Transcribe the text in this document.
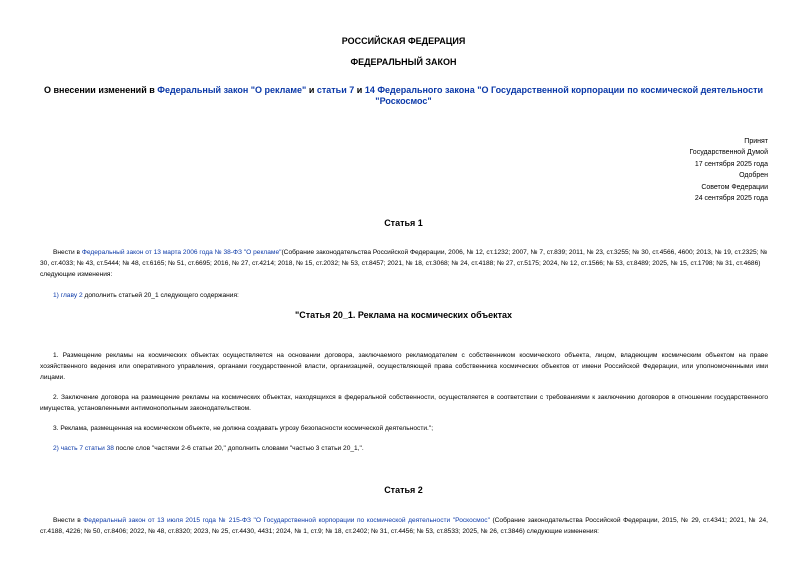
РОССИЙСКАЯ ФЕДЕРАЦИЯ
ФЕДЕРАЛЬНЫЙ ЗАКОН
О внесении изменений в Федеральный закон "О рекламе" и статьи 7 и 14 Федерального закона "О Государственной корпорации по космической деятельности "Роскосмос"
Принят
Государственной Думой
17 сентября 2025 года
Одобрен
Советом Федерации
24 сентября 2025 года
Статья 1
Внести в Федеральный закон от 13 марта 2006 года № 38-ФЗ "О рекламе"(Собрание законодательства Российской Федерации, 2006, № 12, ст.1232; 2007, № 7, ст.839; 2011, № 23, ст.3255; № 30, ст.4566, 4600; 2013, № 19, ст.2325; № 30, ст.4033; № 43, ст.5444; № 48, ст.6165; № 51, ст.6695; 2016, № 27, ст.4214; 2018, № 15, ст.2032; № 53, ст.8457; 2021, № 18, ст.3068; № 24, ст.4188; № 27, ст.5175; 2024, № 12, ст.1566; № 53, ст.8489; 2025, № 15, ст.1798; № 31, ст.4686) следующие изменения:
1) главу 2 дополнить статьей 20_1 следующего содержания:
"Статья 20_1. Реклама на космических объектах
1. Размещение рекламы на космических объектах осуществляется на основании договора, заключаемого рекламодателем с собственником космического объекта, лицом, владеющим космическим объектом на праве хозяйственного ведения или оперативного управления, органами государственной власти, организацией, осуществляющей права собственника космических объектов от имени Российской Федерации, или уполномоченными ими лицами.
2. Заключение договора на размещение рекламы на космических объектах, находящихся в федеральной собственности, осуществляется в соответствии с требованиями к заключению договоров в отношении государственного имущества, установленными антимонопольным законодательством.
3. Реклама, размещенная на космическом объекте, не должна создавать угрозу безопасности космической деятельности.";
2) часть 7 статьи 38 после слов "частями 2-6 статьи 20," дополнить словами "частью 3 статьи 20_1,".
Статья 2
Внести в Федеральный закон от 13 июля 2015 года № 215-ФЗ "О Государственной корпорации по космической деятельности "Роскосмос" (Собрание законодательства Российской Федерации, 2015, № 29, ст.4341; 2021, № 24, ст.4188, 4226; № 50, ст.8406; 2022, № 48, ст.8320; 2023, № 25, ст.4430, 4431; 2024, № 1, ст.9; № 18, ст.2402; № 31, ст.4456; № 53, ст.8533; 2025, № 26, ст.3846) следующие изменения:
